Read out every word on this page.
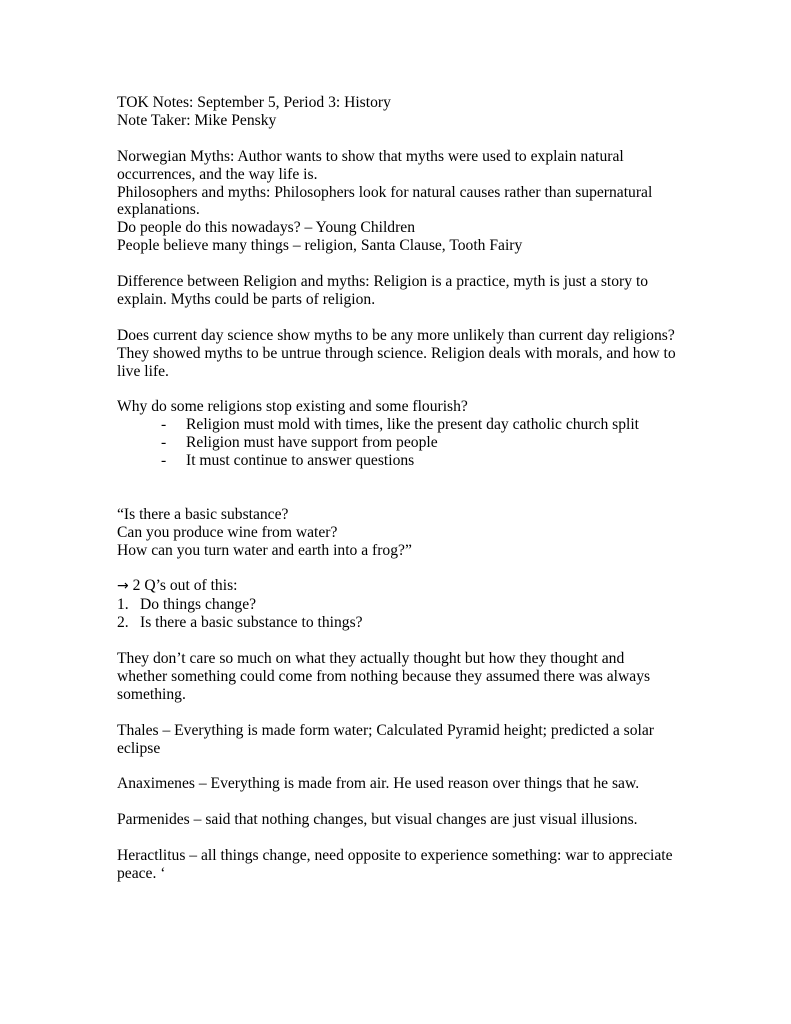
TOK Notes: September 5, Period 3: History

Note Taker: Mike Pensky

Norwegian Myths: Author wants to show that myths were used to explain natural

occurrences, and the way life is.

Philosophers and myths: Philosophers look for natural causes rather than supernatural

explanations.

Do people do this nowadays? – Young Children

People believe many things – religion, Santa Clause, Tooth Fairy

Difference between Religion and myths: Religion is a practice, myth is just a story to

explain. Myths could be parts of religion.

Does current day science show myths to be any more unlikely than current day religions?

They showed myths to be untrue through science. Religion deals with morals, and how to

live life.

Why do some religions stop existing and some flourish?

- Religion must mold with times, like the present day catholic church split
- Religion must have support from people
- It must continue to answer questions

“Is there a basic substance?

Can you produce wine from water?

How can you turn water and earth into a frog?”

→ 2 Q’s out of this:

1. Do things change?
2. Is there a basic substance to things?

They don’t care so much on what they actually thought but how they thought and

whether something could come from nothing because they assumed there was always

something.

Thales – Everything is made form water; Calculated Pyramid height; predicted a solar

eclipse

Anaximenes – Everything is made from air. He used reason over things that he saw.

Parmenides – said that nothing changes, but visual changes are just visual illusions.

Heractlitus – all things change, need opposite to experience something: war to appreciate

peace. ‘
